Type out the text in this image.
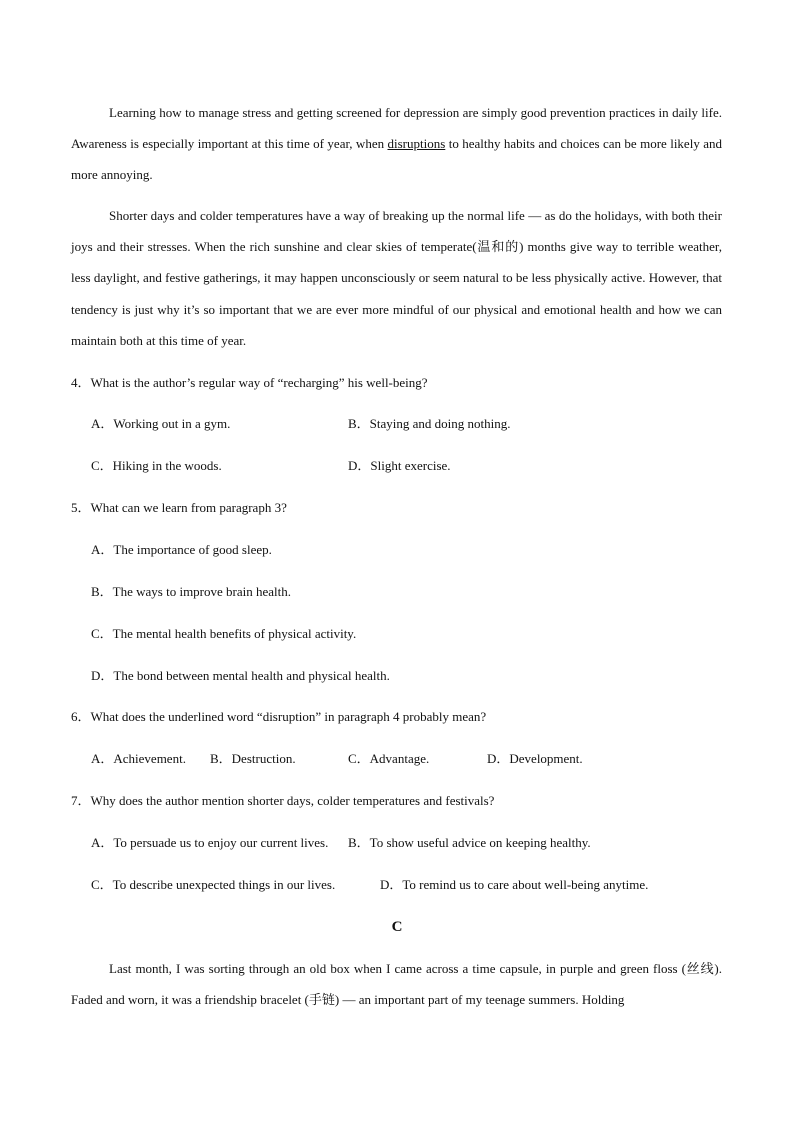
Learning how to manage stress and getting screened for depression are simply good prevention practices in daily life. Awareness is especially important at this time of year, when disruptions to healthy habits and choices can be more likely and more annoying.

Shorter days and colder temperatures have a way of breaking up the normal life — as do the holidays, with both their joys and their stresses. When the rich sunshine and clear skies of temperate(温和的) months give way to terrible weather, less daylight, and festive gatherings, it may happen unconsciously or seem natural to be less physically active. However, that tendency is just why it’s so important that we are ever more mindful of our physical and emotional health and how we can maintain both at this time of year.

4．What is the author’s regular way of “recharging” his well-being?

A．Working out in a gym.	B．Staying and doing nothing.

C．Hiking in the woods.	D．Slight exercise.

5．What can we learn from paragraph 3?

A．The importance of good sleep.

B．The ways to improve brain health.

C．The mental health benefits of physical activity.

D．The bond between mental health and physical health.

6．What does the underlined word “disruption” in paragraph 4 probably mean?

A．Achievement. B．Destruction.	C．Advantage.	D．Development.

7．Why does the author mention shorter days, colder temperatures and festivals?

A．To persuade us to enjoy our current lives. B．To show useful advice on keeping healthy.

C．To describe unexpected things in our lives.	D．To remind us to care about well-being anytime.

C

Last month, I was sorting through an old box when I came across a time capsule, in purple and green floss (丝线). Faded and worn, it was a friendship bracelet (手链) — an important part of my teenage summers. Holding
